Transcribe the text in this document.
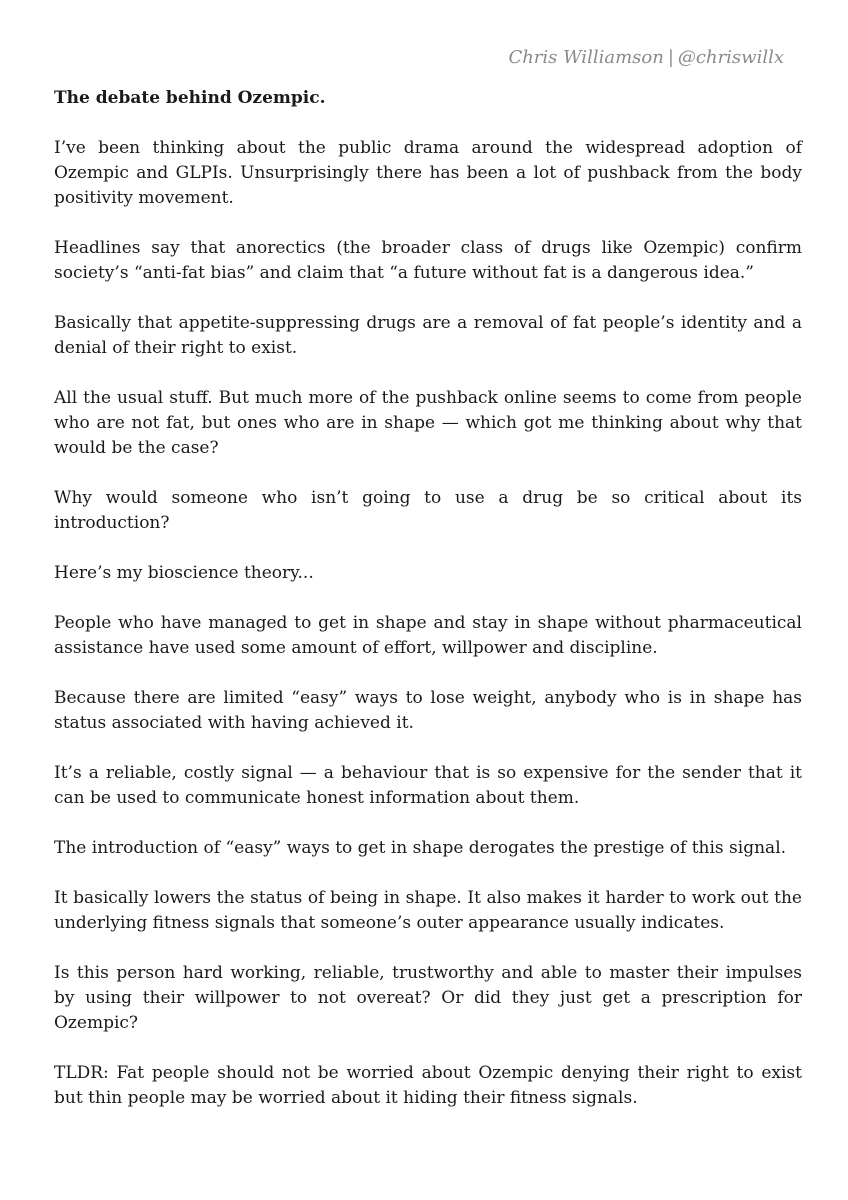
Chris Williamson | @chriswillx

The debate behind Ozempic.

I’ve been thinking about the public drama around the widespread adoption of Ozempic and GLPIs. Unsurprisingly there has been a lot of pushback from the body positivity movement.

Headlines say that anorectics (the broader class of drugs like Ozempic) confirm society’s “anti-fat bias” and claim that “a future without fat is a dangerous idea.”

Basically that appetite-suppressing drugs are a removal of fat people’s identity and a denial of their right to exist.

All the usual stuff. But much more of the pushback online seems to come from people who are not fat, but ones who are in shape — which got me thinking about why that would be the case?

Why would someone who isn’t going to use a drug be so critical about its introduction?

Here’s my bioscience theory...

People who have managed to get in shape and stay in shape without pharmaceutical assistance have used some amount of effort, willpower and discipline.

Because there are limited “easy” ways to lose weight, anybody who is in shape has status associated with having achieved it.

It’s a reliable, costly signal — a behaviour that is so expensive for the sender that it can be used to communicate honest information about them.

The introduction of “easy” ways to get in shape derogates the prestige of this signal.

It basically lowers the status of being in shape. It also makes it harder to work out the underlying fitness signals that someone’s outer appearance usually indicates.

Is this person hard working, reliable, trustworthy and able to master their impulses by using their willpower to not overeat? Or did they just get a prescription for Ozempic?

TLDR: Fat people should not be worried about Ozempic denying their right to exist but thin people may be worried about it hiding their fitness signals.
